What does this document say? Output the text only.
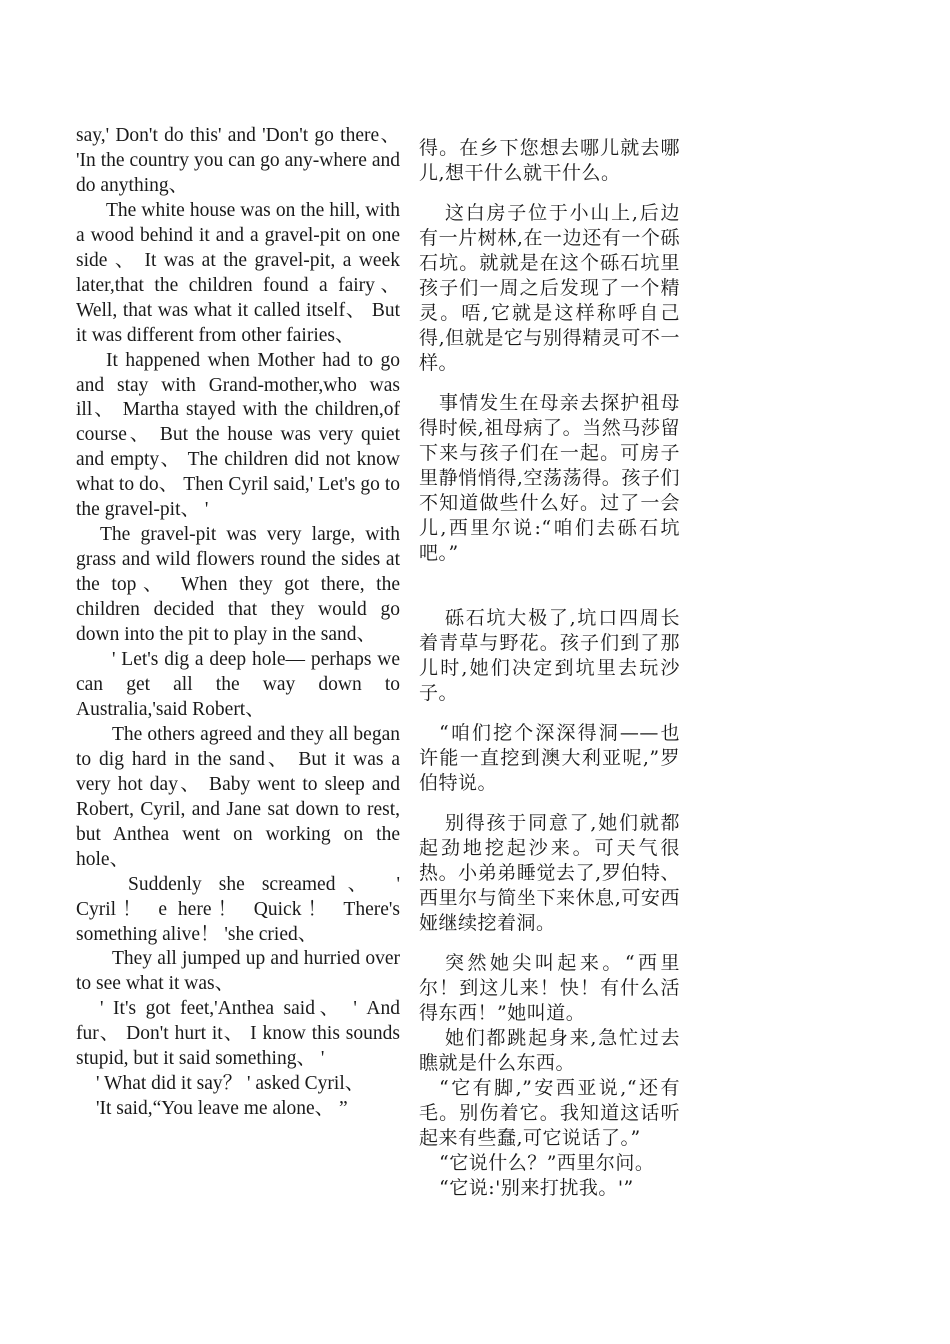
say,' Don't do this' and 'Don't go there、 'In the country you can go any-where and do anything、

The white house was on the hill, with a wood behind it and a gravel-pit on one side 、 It was at the gravel-pit, a week later,that the children found a fairy、 Well, that was what it called itself、 But it was different from other fairies、

It happened when Mother had to go and stay with Grand-mother,who was ill、 Martha stayed with the children,of course、 But the house was very quiet and empty、 The children did not know what to do、 Then Cyril said,' Let's go to the gravel-pit、 '

The gravel-pit was very large, with grass and wild flowers round the sides at the top、 When they got there, the children decided that they would go down into the pit to play in the sand、

' Let's dig a deep hole— perhaps we can get all the way down to Australia,'said Robert、

The others agreed and they all began to dig hard in the sand、 But it was a very hot day、 Baby went to sleep and Robert, Cyril, and Jane sat down to rest, but Anthea went on working on the hole、

Suddenly she screamed、 ' Cyril！ e here！ Quick！ There's something alive！ 'she cried、

They all jumped up and hurried over to see what it was、

' It's got feet,'Anthea said、 ' And fur、 Don't hurt it、 I know this sounds stupid, but it said something、 '

' What did it say？ ' asked Cyril、

'It said,“You leave me alone、 ”

得。在乡下您想去哪儿就去哪儿,想干什么就干什么。

这白房子位于小山上,后边有一片树林,在一边还有一个砾石坑。就就是在这个砾石坑里孩子们一周之后发现了一个精灵。唔,它就是这样称呼自己得,但就是它与别得精灵可不一样。

事情发生在母亲去探护祖母得时候,祖母病了。当然马莎留下来与孩子们在一起。可房子里静悄悄得,空荡荡得。孩子们不知道做些什么好。过了一会儿,西里尔说:“咱们去砾石坑吧。”

砾石坑大极了,坑口四周长着青草与野花。孩子们到了那儿时,她们决定到坑里去玩沙子。

“咱们挖个深深得洞——也许能一直挖到澳大利亚呢,”罗伯特说。

别得孩于同意了,她们就都起劲地挖起沙来。可天气很热。小弟弟睡觉去了,罗伯特、西里尔与简坐下来休息,可安西娅继续挖着洞。

突然她尖叫起来。“西里尔！到这儿来！快！有什么活得东西！”她叫道。

她们都跳起身来,急忙过去瞧就是什么东西。

“它有脚,”安西亚说,“还有毛。别伤着它。我知道这话听起来有些蠢,可它说话了。”

“它说什么？”西里尔问。

“它说:'别来打扰我。'”
